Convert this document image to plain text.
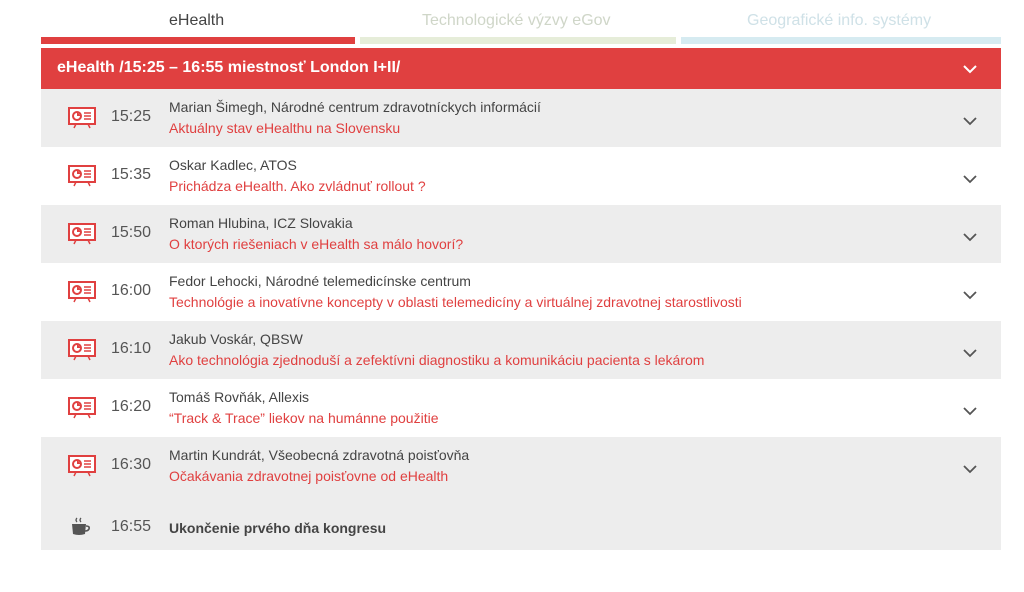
eHealth	Technologické výzvy eGov	Geografické info. systémy
eHealth /15:25 – 16:55 miestnosť London I+II/
15:25
Marian Šimegh, Národné centrum zdravotníckych informácií
Aktuálny stav eHealthu na Slovensku
15:35
Oskar Kadlec, ATOS
Prichádza eHealth. Ako zvládnuť rollout ?
15:50
Roman Hlubina, ICZ Slovakia
O ktorých riešeniach v eHealth sa málo hovorí?
16:00
Fedor Lehocki, Národné telemedicínske centrum
Technológie a inovatívne koncepty v oblasti telemedicíny a virtuálnej zdravotnej starostlivosti
16:10
Jakub Voskár, QBSW
Ako technológia zjednoduší a zefektívni diagnostiku a komunikáciu pacienta s lekárom
16:20
Tomáš Rovňák, Allexis
“Track & Trace” liekov na humánne použitie
16:30
Martin Kundrát, Všeobecná zdravotná poisťovňa
Očakávania zdravotnej poisťovne od eHealth
16:55 Ukončenie prvého dňa kongresu
